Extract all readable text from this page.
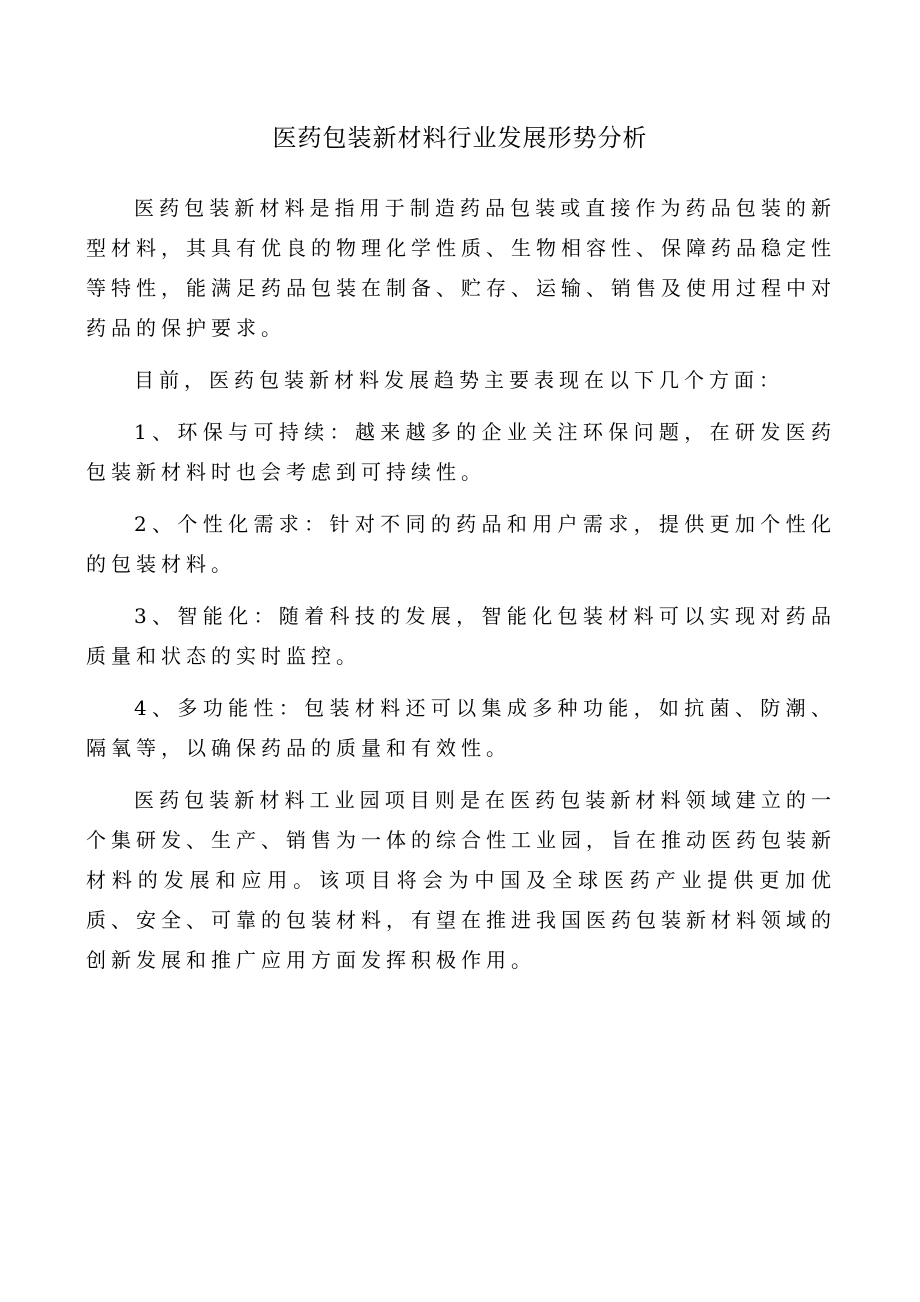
医药包装新材料行业发展形势分析

医药包装新材料是指用于制造药品包装或直接作为药品包装的新型材料，其具有优良的物理化学性质、生物相容性、保障药品稳定性等特性，能满足药品包装在制备、贮存、运输、销售及使用过程中对药品的保护要求。

目前，医药包装新材料发展趋势主要表现在以下几个方面：

1、环保与可持续：越来越多的企业关注环保问题，在研发医药包装新材料时也会考虑到可持续性。

2、个性化需求：针对不同的药品和用户需求，提供更加个性化的包装材料。

3、智能化：随着科技的发展，智能化包装材料可以实现对药品质量和状态的实时监控。

4、多功能性：包装材料还可以集成多种功能，如抗菌、防潮、隔氧等，以确保药品的质量和有效性。

医药包装新材料工业园项目则是在医药包装新材料领域建立的一个集研发、生产、销售为一体的综合性工业园，旨在推动医药包装新材料的发展和应用。该项目将会为中国及全球医药产业提供更加优质、安全、可靠的包装材料，有望在推进我国医药包装新材料领域的创新发展和推广应用方面发挥积极作用。
